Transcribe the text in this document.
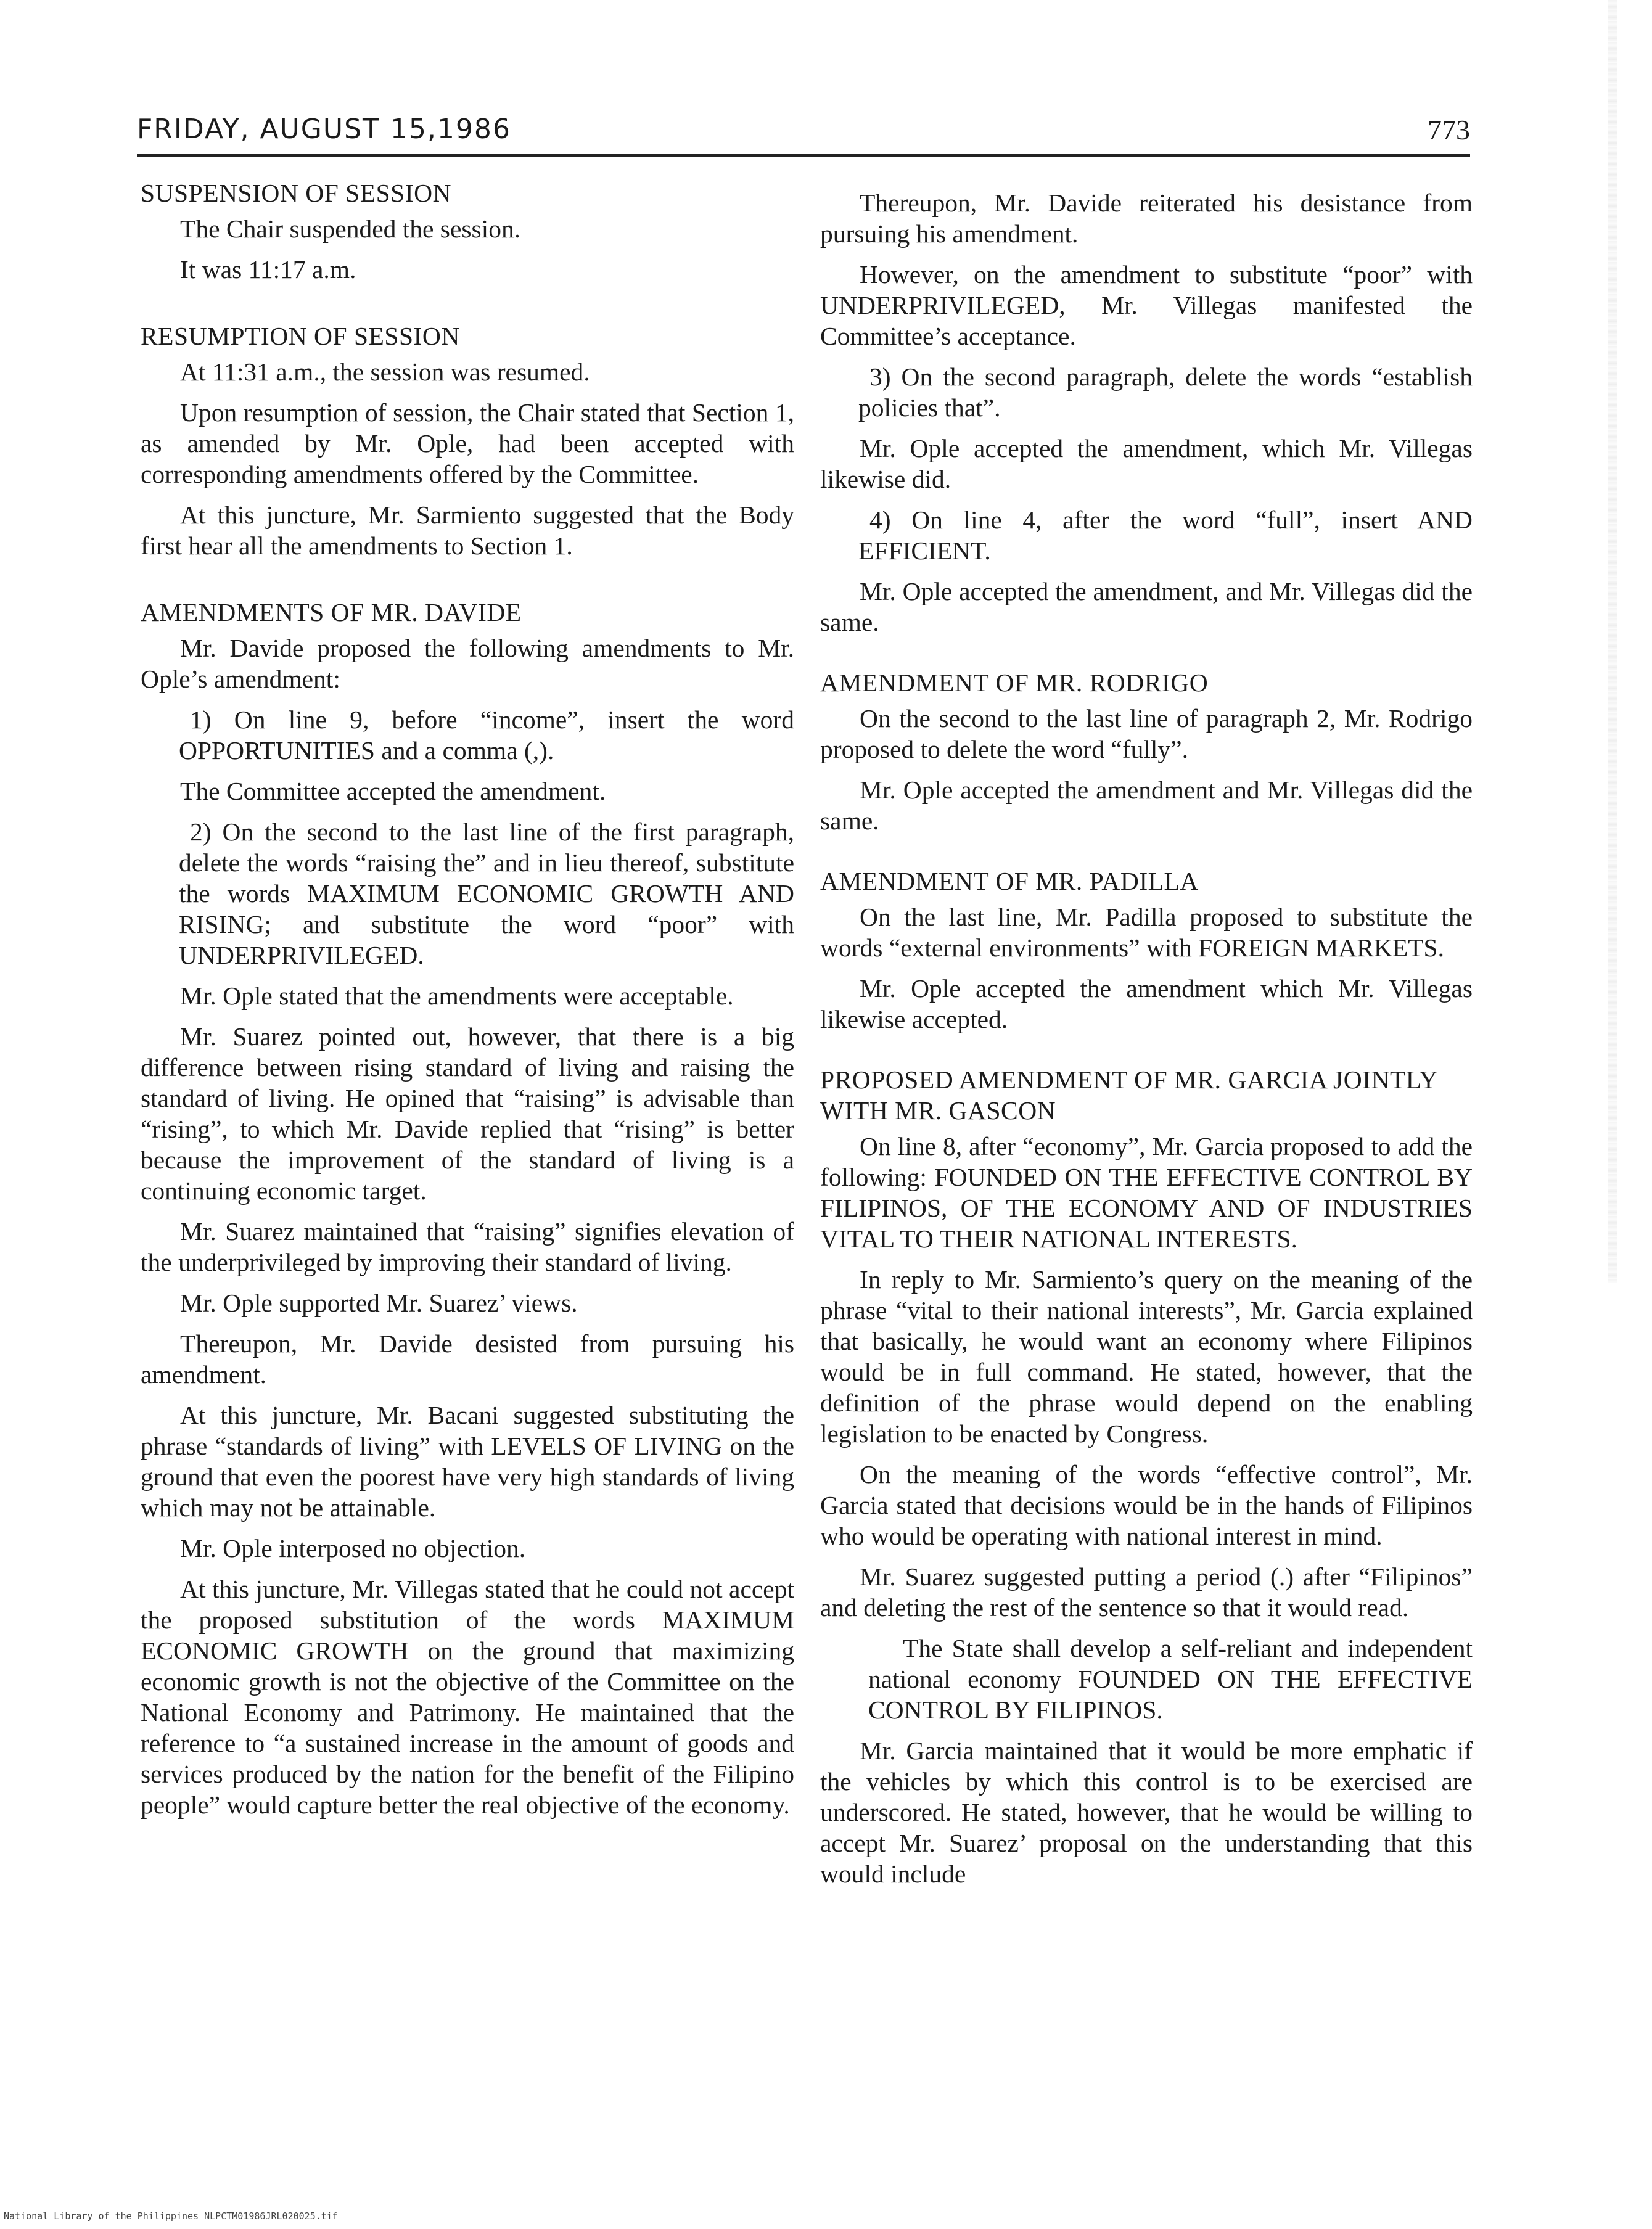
FRIDAY, AUGUST 15,1986	773
SUSPENSION OF SESSION

The Chair suspended the session.

It was 11:17 a.m.

RESUMPTION OF SESSION

At 11:31 a.m., the session was resumed.

Upon resumption of session, the Chair stated that Section 1, as amended by Mr. Ople, had been accepted with corresponding amendments offered by the Committee.

At this juncture, Mr. Sarmiento suggested that the Body first hear all the amendments to Section 1.

AMENDMENTS OF MR. DAVIDE

Mr. Davide proposed the following amendments to Mr. Ople’s amendment:

1) On line 9, before “income”, insert the word OPPORTUNITIES and a comma (,).

The Committee accepted the amendment.

2) On the second to the last line of the first paragraph, delete the words “raising the” and in lieu thereof, substitute the words MAXIMUM ECONOMIC GROWTH AND RISING; and substitute the word “poor” with UNDERPRIVILEGED.

Mr. Ople stated that the amendments were acceptable.

Mr. Suarez pointed out, however, that there is a big difference between rising standard of living and raising the standard of living. He opined that “raising” is advisable than “rising”, to which Mr. Davide replied that “rising” is better because the improvement of the standard of living is a continuing economic target.

Mr. Suarez maintained that “raising” signifies elevation of the underprivileged by improving their standard of living.

Mr. Ople supported Mr. Suarez’ views.

Thereupon, Mr. Davide desisted from pursuing his amendment.

At this juncture, Mr. Bacani suggested substituting the phrase “standards of living” with LEVELS OF LIVING on the ground that even the poorest have very high standards of living which may not be attainable.

Mr. Ople interposed no objection.

At this juncture, Mr. Villegas stated that he could not accept the proposed substitution of the words MAXIMUM ECONOMIC GROWTH on the ground that maximizing economic growth is not the objective of the Committee on the National Economy and Patrimony. He maintained that the reference to “a sustained increase in the amount of goods and services produced by the nation for the benefit of the Filipino people” would capture better the real objective of the economy.

Thereupon, Mr. Davide reiterated his desistance from pursuing his amendment.

However, on the amendment to substitute “poor” with UNDERPRIVILEGED, Mr. Villegas manifested the Committee’s acceptance.

3) On the second paragraph, delete the words “establish policies that”.

Mr. Ople accepted the amendment, which Mr. Villegas likewise did.

4) On line 4, after the word “full”, insert AND EFFICIENT.

Mr. Ople accepted the amendment, and Mr. Villegas did the same.

AMENDMENT OF MR. RODRIGO

On the second to the last line of paragraph 2, Mr. Rodrigo proposed to delete the word “fully”.

Mr. Ople accepted the amendment and Mr. Villegas did the same.

AMENDMENT OF MR. PADILLA

On the last line, Mr. Padilla proposed to substitute the words “external environments” with FOREIGN MARKETS.

Mr. Ople accepted the amendment which Mr. Villegas likewise accepted.

PROPOSED AMENDMENT OF MR. GARCIA JOINTLY WITH MR. GASCON

On line 8, after “economy”, Mr. Garcia proposed to add the following: FOUNDED ON THE EFFECTIVE CONTROL BY FILIPINOS, OF THE ECONOMY AND OF INDUSTRIES VITAL TO THEIR NATIONAL INTERESTS.

In reply to Mr. Sarmiento’s query on the meaning of the phrase “vital to their national interests”, Mr. Garcia explained that basically, he would want an economy where Filipinos would be in full command. He stated, however, that the definition of the phrase would depend on the enabling legislation to be enacted by Congress.

On the meaning of the words “effective control”, Mr. Garcia stated that decisions would be in the hands of Filipinos who would be operating with national interest in mind.

Mr. Suarez suggested putting a period (.) after “Filipinos” and deleting the rest of the sentence so that it would read.

The State shall develop a self-reliant and independent national economy FOUNDED ON THE EFFECTIVE CONTROL BY FILIPINOS.

Mr. Garcia maintained that it would be more emphatic if the vehicles by which this control is to be exercised are underscored. He stated, however, that he would be willing to accept Mr. Suarez’ proposal on the understanding that this would include

National Library of the Philippines NLPCTM01986JRL020025.tif
